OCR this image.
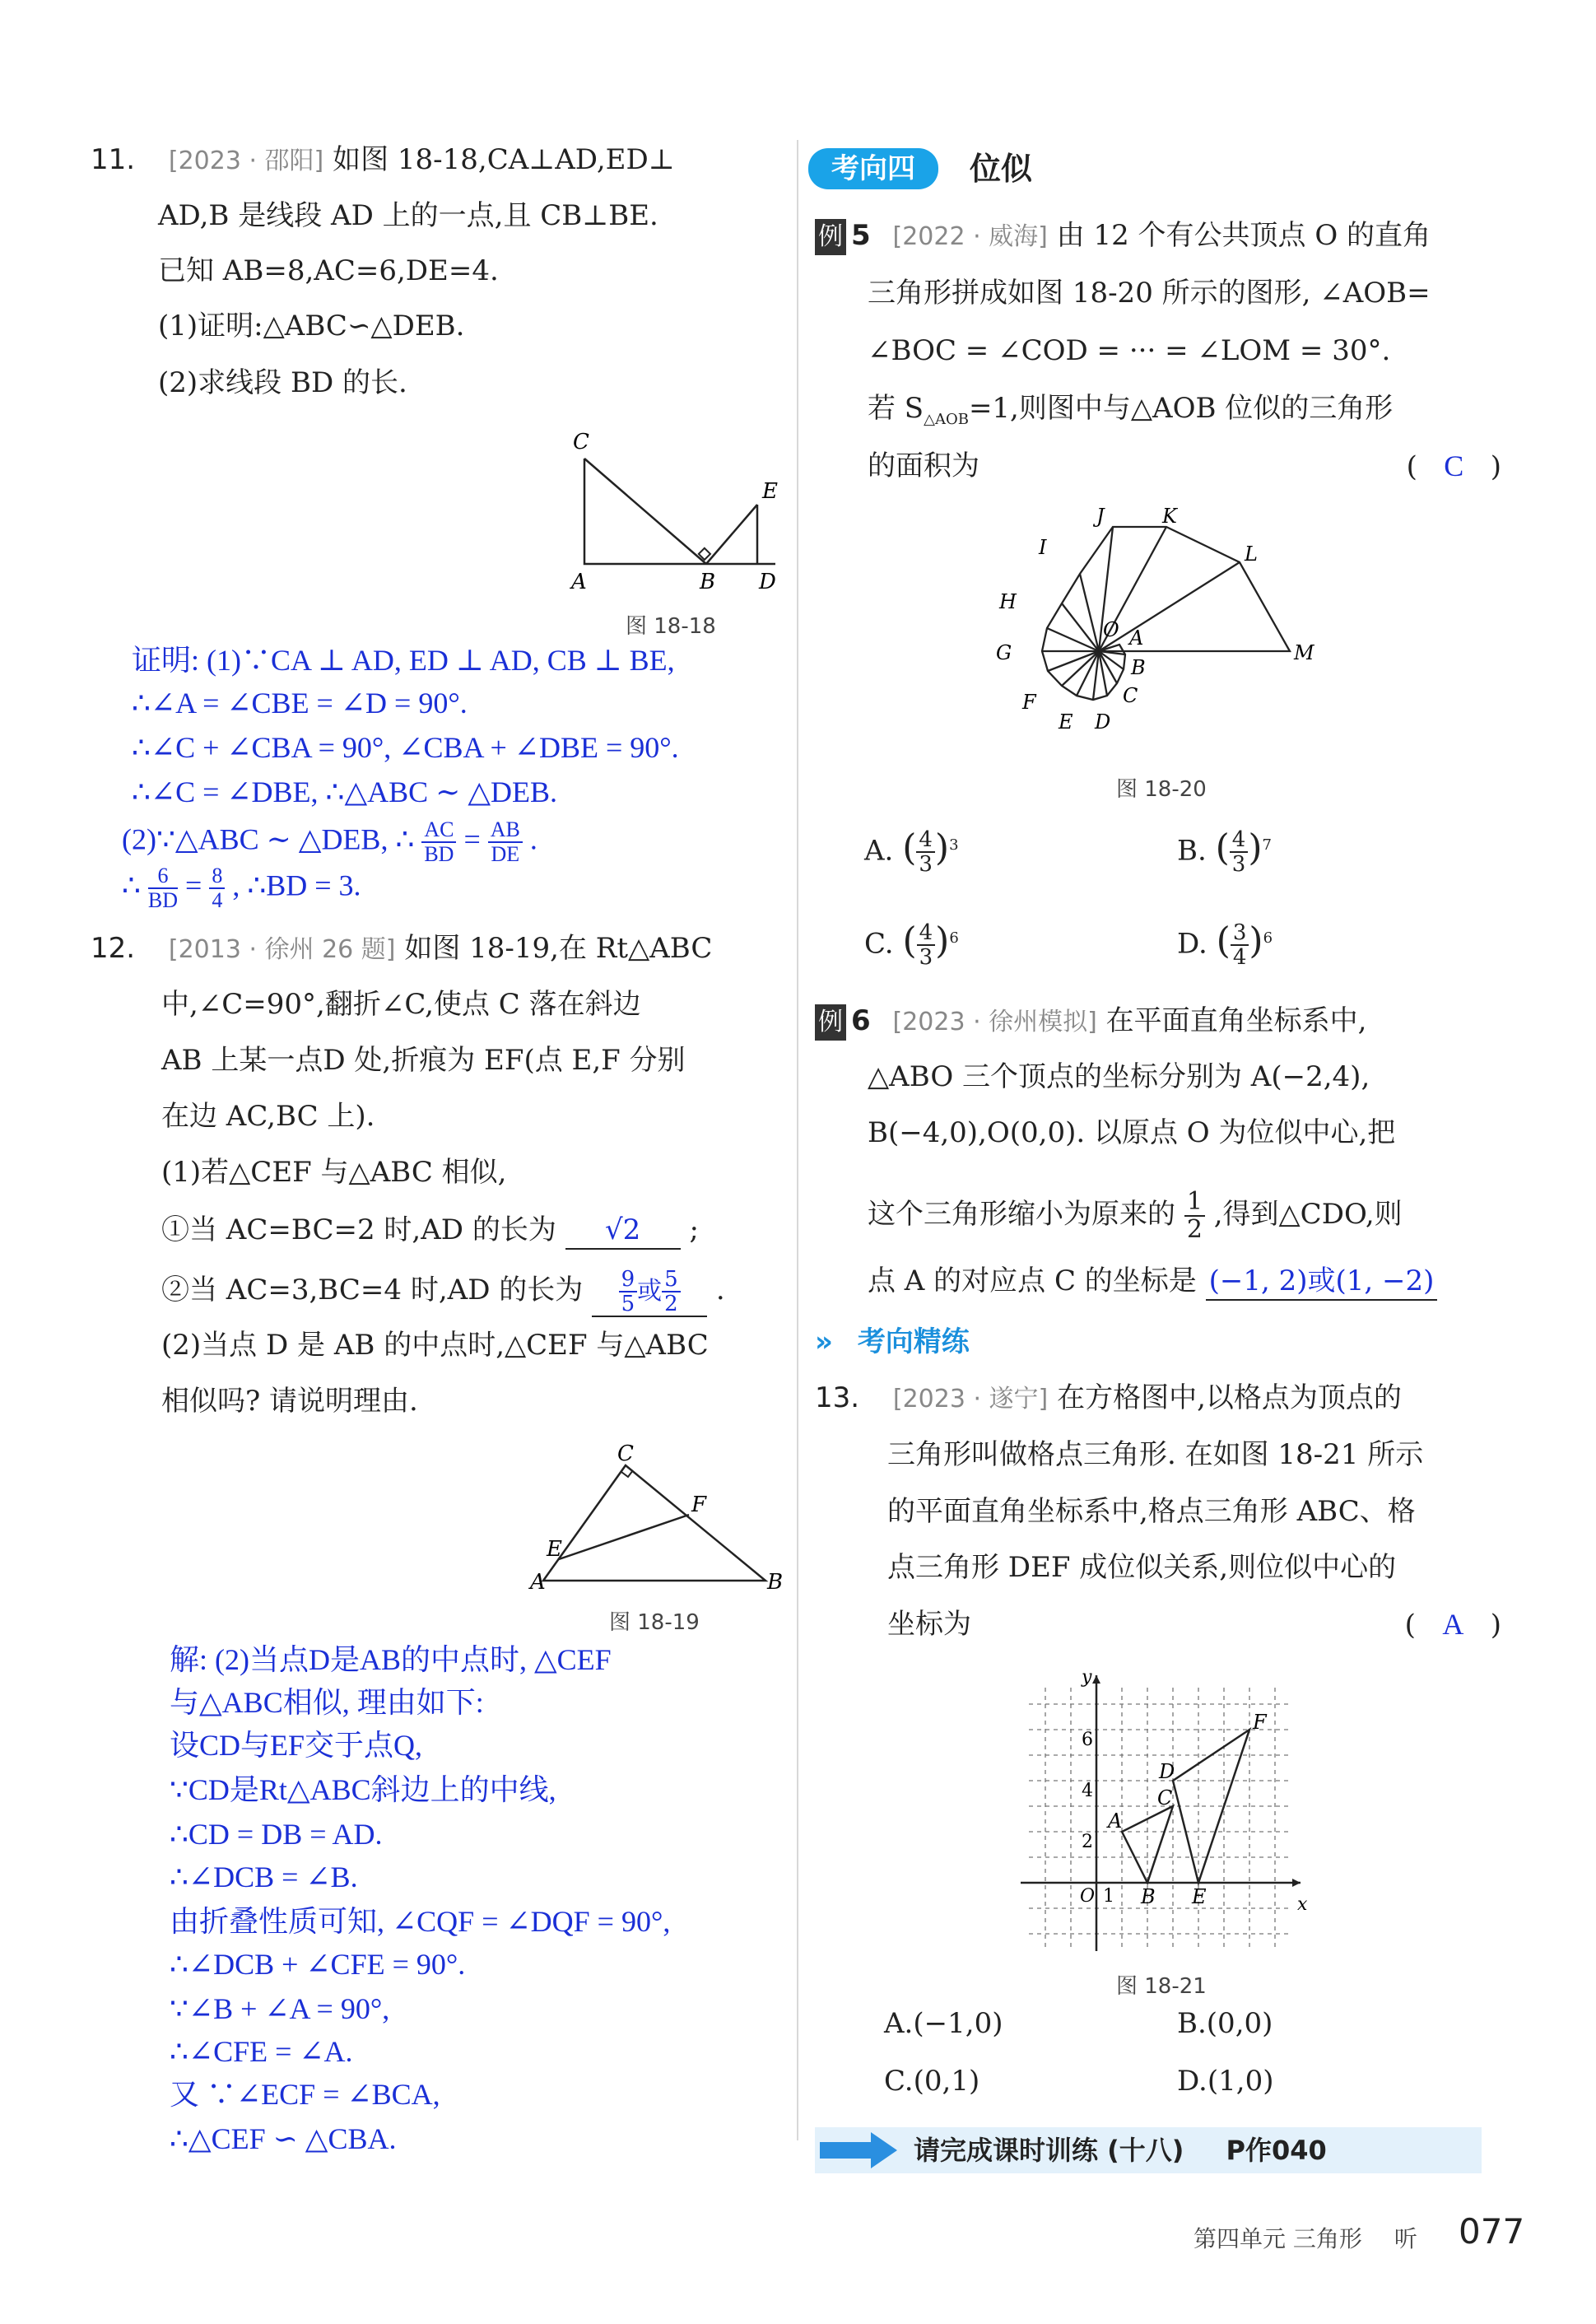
11. [2023 · 邵阳] 如图 18-18,CA⊥AD,ED⊥
AD,B 是线段 AD 上的一点,且 CB⊥BE.
已知 AB=8,AC=6,DE=4.
(1)证明:△ABC∽△DEB.
(2)求线段 BD 的长.
C
E
A	B D
图 18-18
证明: (1)∵CA ⊥ AD, ED ⊥ AD, CB ⊥ BE,
∴∠A = ∠CBE = ∠D = 90°.
∴∠C + ∠CBA = 90°, ∠CBA + ∠DBE = 90°.
∴∠C = ∠DBE, ∴△ABC ∼ △DEB.
(2)∵△ABC ∼ △DEB, ∴ $\frac{AC}{BD} = \frac{AB}{DE}$ .
∴ $\frac{6}{BD} = \frac{8}{4}$ , ∴BD = 3.
12. [2013 · 徐州 26 题] 如图 18-19,在 Rt△ABC
中,∠C=90°,翻折∠C,使点 C 落在斜边
AB 上某一点D 处,折痕为 EF(点 E,F 分别
在边 AC,BC 上).
(1)若△CEF 与△ABC 相似,
①当 AC=BC=2 时,AD 的长为 √2 ;
②当 AC=3,BC=4 时,AD 的长为 $\frac{9}{5}$ 或 $\frac{5}{2}$ .
(2)当点 D 是 AB 的中点时,△CEF 与△ABC
相似吗? 请说明理由.
C
F
E
A	B
图 18-19
解: (2)当点D是AB的中点时, △CEF
与△ABC相似, 理由如下:
设CD与EF交于点Q,
∵CD是Rt△ABC斜边上的中线,
∴CD = DB = AD.
∴∠DCB = ∠B.
由折叠性质可知, ∠CQF = ∠DQF = 90°,
∴∠DCB + ∠CFE = 90°.
∵∠B + ∠A = 90°,
∴∠CFE = ∠A.
又 ∵∠ECF = ∠BCA,
∴△CEF ∽ △CBA.
考向四	位似
例 5 [2022 · 威海] 由 12 个有公共顶点 O 的直角
三角形拼成如图 18-20 所示的图形, ∠AOB=
∠BOC = ∠COD = ··· = ∠LOM = 30°.
若 $S_{\triangle AOB}=1$,则图中与△AOB 位似的三角形
的面积为	(   C   )
J	K
I	L
H
O A
G	M
B
C
F
E D
图 18-20
A. ( $\frac{4}{3} )^3$	B. ( $\frac{4}{3} )^7$
C. ( $\frac{4}{3} )^6$	D. ( $\frac{3}{4} )^6$
例 6 [2023 · 徐州模拟] 在平面直角坐标系中,
△ABO 三个顶点的坐标分别为 A(−2,4),
B(−4,0),O(0,0). 以原点 O 为位似中心,把
这个三角形缩小为原来的 $\frac{1}{2}$ ,得到△CDO,则
点 A 的对应点 C 的坐标是 (−1, 2)或(1, −2)
» 考向精练
13. [2023 · 遂宁] 在方格图中,以格点为顶点的
三角形叫做格点三角形. 在如图 18-21 所示
的平面直角坐标系中,格点三角形 ABC、格
点三角形 DEF 成位似关系,则位似中心的
坐标为	(   A   )
y
x
6
4
2
O 1
F
D
C
A
B E
图 18-21
A.(−1,0)	B.(0,0)
C.(0,1)	D.(1,0)
请完成课时训练 (十八) P作040
第四单元 三角形 听 077
